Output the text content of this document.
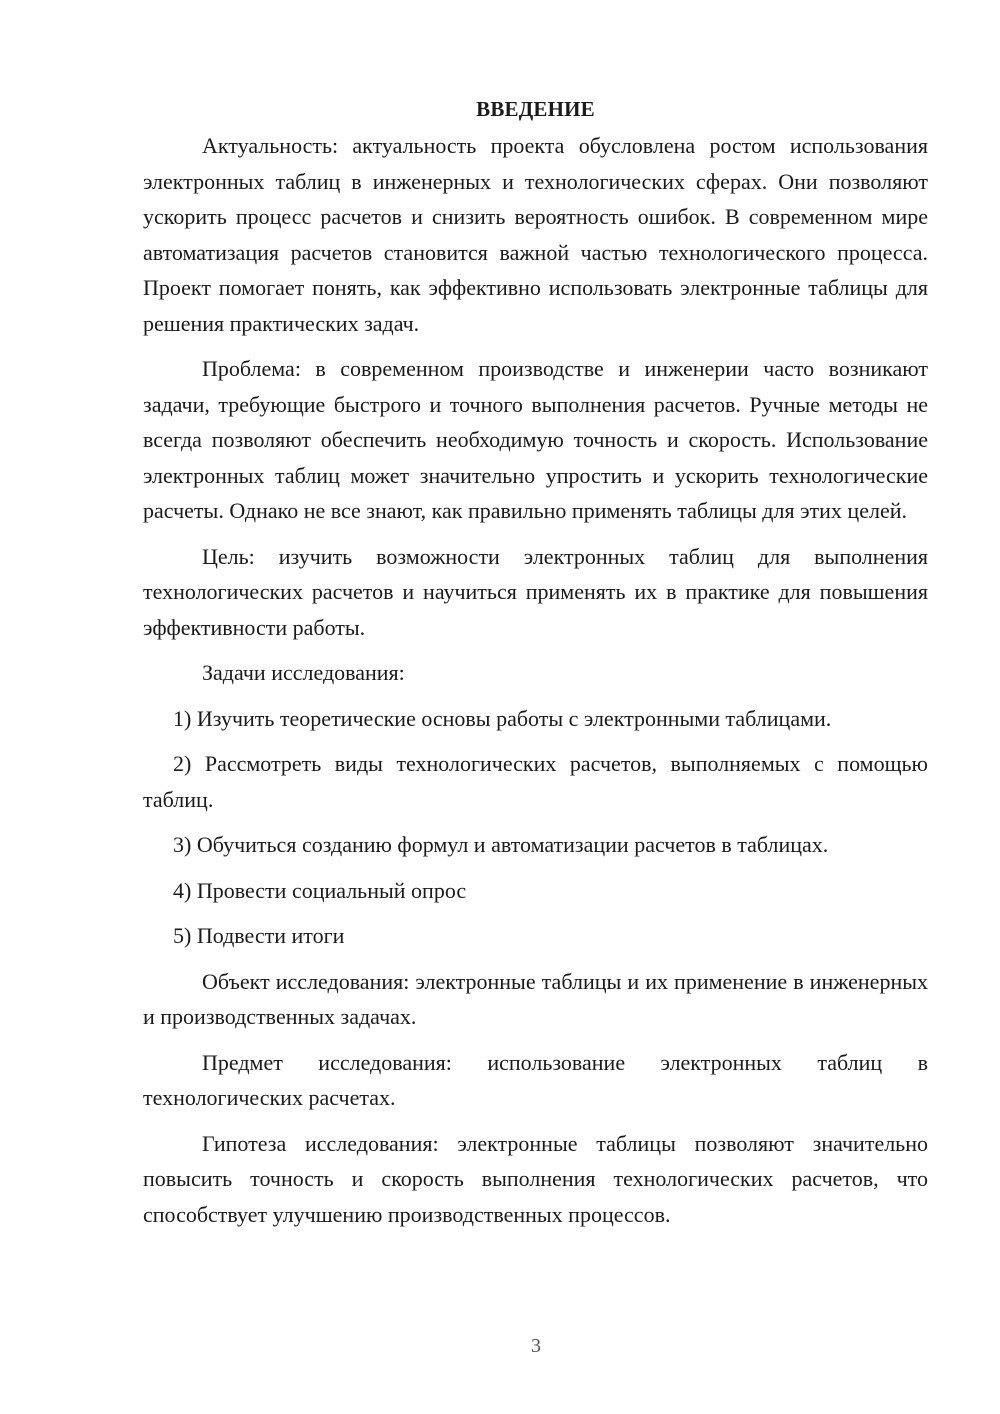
ВВЕДЕНИЕ

Актуальность: актуальность проекта обусловлена ростом использования электронных таблиц в инженерных и технологических сферах. Они позволяют ускорить процесс расчетов и снизить вероятность ошибок. В современном мире автоматизация расчетов становится важной частью технологического процесса. Проект помогает понять, как эффективно использовать электронные таблицы для решения практических задач.

Проблема: в современном производстве и инженерии часто возникают задачи, требующие быстрого и точного выполнения расчетов. Ручные методы не всегда позволяют обеспечить необходимую точность и скорость. Использование электронных таблиц может значительно упростить и ускорить технологические расчеты. Однако не все знают, как правильно применять таблицы для этих целей.

Цель: изучить возможности электронных таблиц для выполнения технологических расчетов и научиться применять их в практике для повышения эффективности работы.

Задачи исследования:

1) Изучить теоретические основы работы с электронными таблицами.

2) Рассмотреть виды технологических расчетов, выполняемых с помощью таблиц.

3) Обучиться созданию формул и автоматизации расчетов в таблицах.

4) Провести социальный опрос

5) Подвести итоги

Объект исследования: электронные таблицы и их применение в инженерных и производственных задачах.

Предмет исследования: использование электронных таблиц в технологических расчетах.

Гипотеза исследования: электронные таблицы позволяют значительно повысить точность и скорость выполнения технологических расчетов, что способствует улучшению производственных процессов.

3
